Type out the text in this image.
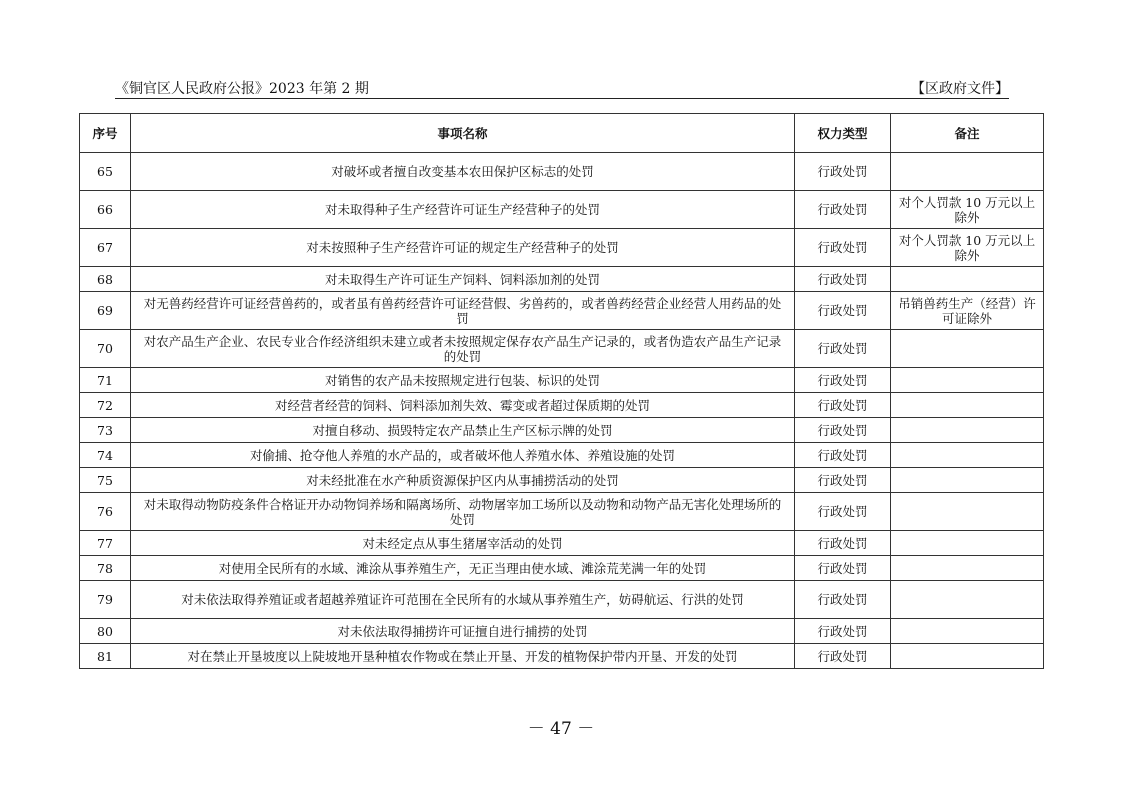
《铜官区人民政府公报》2023 年第 2 期	【区政府文件】
序号	事项名称	权力类型	备注
65	对破坏或者擅自改变基本农田保护区标志的处罚	行政处罚	
66	对未取得种子生产经营许可证生产经营种子的处罚	行政处罚	对个人罚款 10 万元以上除外
67	对未按照种子生产经营许可证的规定生产经营种子的处罚	行政处罚	对个人罚款 10 万元以上除外
68	对未取得生产许可证生产饲料、饲料添加剂的处罚	行政处罚	
69	对无兽药经营许可证经营兽药的，或者虽有兽药经营许可证经营假、劣兽药的，或者兽药经营企业经营人用药品的处罚	行政处罚	吊销兽药生产（经营）许可证除外
70	对农产品生产企业、农民专业合作经济组织未建立或者未按照规定保存农产品生产记录的，或者伪造农产品生产记录的处罚	行政处罚	
71	对销售的农产品未按照规定进行包装、标识的处罚	行政处罚	
72	对经营者经营的饲料、饲料添加剂失效、霉变或者超过保质期的处罚	行政处罚	
73	对擅自移动、损毁特定农产品禁止生产区标示牌的处罚	行政处罚	
74	对偷捕、抢夺他人养殖的水产品的，或者破坏他人养殖水体、养殖设施的处罚	行政处罚	
75	对未经批准在水产种质资源保护区内从事捕捞活动的处罚	行政处罚	
76	对未取得动物防疫条件合格证开办动物饲养场和隔离场所、动物屠宰加工场所以及动物和动物产品无害化处理场所的处罚	行政处罚	
77	对未经定点从事生猪屠宰活动的处罚	行政处罚	
78	对使用全民所有的水域、滩涂从事养殖生产，无正当理由使水域、滩涂荒芜满一年的处罚	行政处罚	
79	对未依法取得养殖证或者超越养殖证许可范围在全民所有的水域从事养殖生产，妨碍航运、行洪的处罚	行政处罚	
80	对未依法取得捕捞许可证擅自进行捕捞的处罚	行政处罚	
81	对在禁止开垦坡度以上陡坡地开垦种植农作物或在禁止开垦、开发的植物保护带内开垦、开发的处罚	行政处罚	
－ 47 －
